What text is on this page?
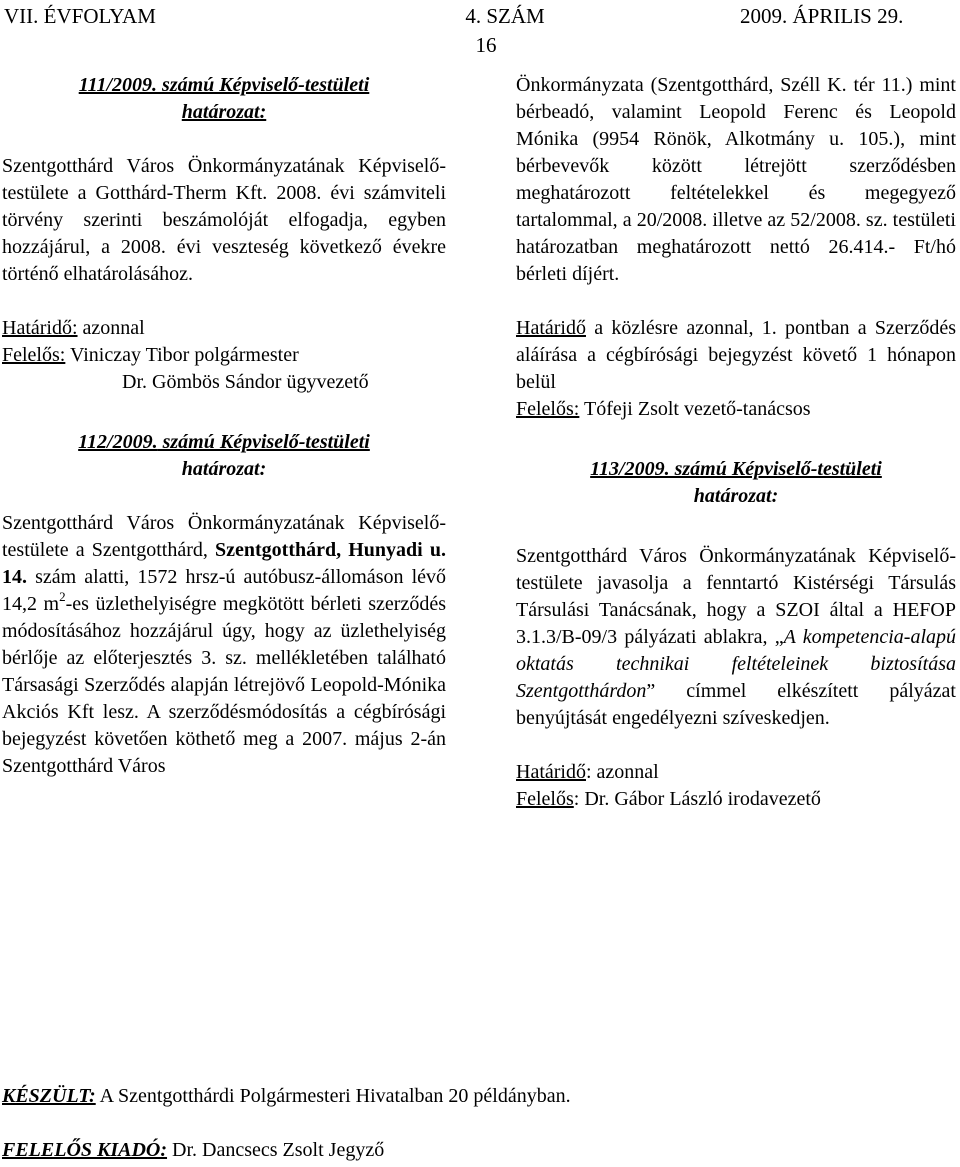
VII. ÉVFOLYAM	4. SZÁM	2009. ÁPRILIS 29.
16

111/2009. számú Képviselő-testületi
határozat:

Szentgotthárd Város Önkormányzatának Képviselő-testülete a Gotthárd-Therm Kft. 2008. évi számviteli törvény szerinti beszámolóját elfogadja, egyben hozzájárul, a 2008. évi veszteség következő évekre történő elhatárolásához.

Határidő: azonnal

Felelős: Viniczay Tibor polgármester

Dr. Gömbös Sándor ügyvezető

112/2009. számú Képviselő-testületi
határozat:

Szentgotthárd Város Önkormányzatának Képviselő-testülete a Szentgotthárd, Szentgotthárd, Hunyadi u. 14. szám alatti, 1572 hrsz-ú autóbusz-állomáson lévő 14,2 $m^2-es$ üzlethelyiségre megkötött bérleti szerződés módosításához hozzájárul úgy, hogy az üzlethelyiség bérlője az előterjesztés 3. sz. mellékletében található Társasági Szerződés alapján létrejövő Leopold-Mónika Akciós Kft lesz. A szerződésmódosítás a cégbírósági bejegyzést követően köthető meg a 2007. május 2-án Szentgotthárd Város

Önkormányzata (Szentgotthárd, Széll K. tér 11.) mint bérbeadó, valamint Leopold Ferenc és Leopold Mónika (9954 Rönök, Alkotmány u. 105.), mint bérbevevők között létrejött szerződésben meghatározott feltételekkel és megegyező tartalommal, a 20/2008. illetve az 52/2008. sz. testületi határozatban meghatározott nettó 26.414.- Ft/hó bérleti díjért.

Határidő a közlésre azonnal, 1. pontban a Szerződés aláírása a cégbírósági bejegyzést követő 1 hónapon belül

Felelős: Tófeji Zsolt vezető-tanácsos

113/2009. számú Képviselő-testületi
határozat:

Szentgotthárd Város Önkormányzatának Képviselő-testülete javasolja a fenntartó Kistérségi Társulás Társulási Tanácsának, hogy a SZOI által a HEFOP 3.1.3/B-09/3 pályázati ablakra, „A kompetencia-alapú oktatás technikai feltételeinek biztosítása Szentgotthárdon” címmel elkészített pályázat benyújtását engedélyezni szíveskedjen.

Határidő: azonnal

Felelős: Dr. Gábor László irodavezető

KÉSZÜLT: A Szentgotthárdi Polgármesteri Hivatalban 20 példányban.
FELELŐS KIADÓ: Dr. Dancsecs Zsolt Jegyző
